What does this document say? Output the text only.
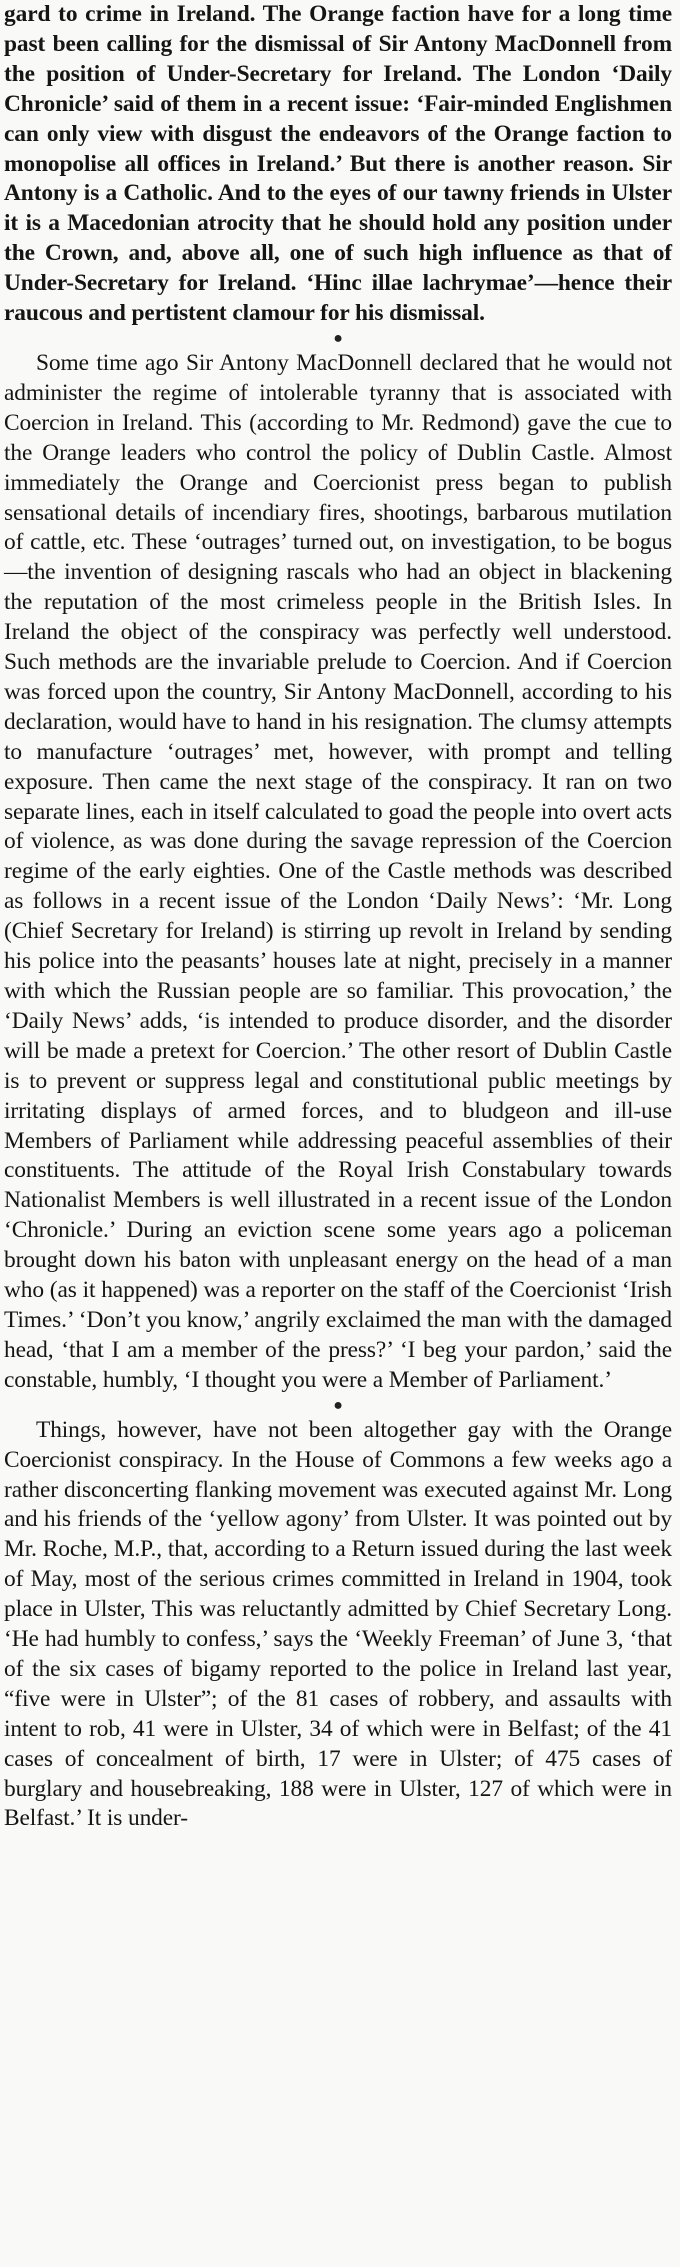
gard to crime in Ireland. The Orange faction have for a long time past been calling for the dismissal of Sir Antony MacDonnell from the position of Under-Secretary for Ireland. The London ‘Daily Chronicle’ said of them in a recent issue: ‘Fair-minded Englishmen can only view with disgust the endeavors of the Orange faction to monopolise all offices in Ireland.’ But there is another reason. Sir Antony is a Catholic. And to the eyes of our tawny friends in Ulster it is a Macedonian atrocity that he should hold any position under the Crown, and, above all, one of such high influence as that of Under-Secretary for Ireland. ‘Hinc illae lachrymae’—hence their raucous and pertistent clamour for his dismissal.

●

Some time ago Sir Antony MacDonnell declared that he would not administer the regime of intolerable tyranny that is associated with Coercion in Ireland. This (according to Mr. Redmond) gave the cue to the Orange leaders who control the policy of Dublin Castle. Almost immediately the Orange and Coercionist press began to publish sensational details of incendiary fires, shootings, barbarous mutilation of cattle, etc. These ‘outrages’ turned out, on investigation, to be bogus—the invention of designing rascals who had an object in blackening the reputation of the most crimeless people in the British Isles. In Ireland the object of the conspiracy was perfectly well understood. Such methods are the invariable prelude to Coercion. And if Coercion was forced upon the country, Sir Antony MacDonnell, according to his declaration, would have to hand in his resignation. The clumsy attempts to manufacture ‘outrages’ met, however, with prompt and telling exposure. Then came the next stage of the conspiracy. It ran on two separate lines, each in itself calculated to goad the people into overt acts of violence, as was done during the savage repression of the Coercion regime of the early eighties. One of the Castle methods was described as follows in a recent issue of the London ‘Daily News’: ‘Mr. Long (Chief Secretary for Ireland) is stirring up revolt in Ireland by sending his police into the peasants’ houses late at night, precisely in a manner with which the Russian people are so familiar. This provocation,’ the ‘Daily News’ adds, ‘is intended to produce disorder, and the disorder will be made a pretext for Coercion.’ The other resort of Dublin Castle is to prevent or suppress legal and constitutional public meetings by irritating displays of armed forces, and to bludgeon and ill-use Members of Parliament while addressing peaceful assemblies of their constituents. The attitude of the Royal Irish Constabulary towards Nationalist Members is well illustrated in a recent issue of the London ‘Chronicle.’ During an eviction scene some years ago a policeman brought down his baton with unpleasant energy on the head of a man who (as it happened) was a reporter on the staff of the Coercionist ‘Irish Times.’ ‘Don’t you know,’ angrily exclaimed the man with the damaged head, ‘that I am a member of the press?’ ‘I beg your pardon,’ said the constable, humbly, ‘I thought you were a Member of Parliament.’

●

Things, however, have not been altogether gay with the Orange Coercionist conspiracy. In the House of Commons a few weeks ago a rather disconcerting flanking movement was executed against Mr. Long and his friends of the ‘yellow agony’ from Ulster. It was pointed out by Mr. Roche, M.P., that, according to a Return issued during the last week of May, most of the serious crimes committed in Ireland in 1904, took place in Ulster, This was reluctantly admitted by Chief Secretary Long. ‘He had humbly to confess,’ says the ‘Weekly Freeman’ of June 3, ‘that of the six cases of bigamy reported to the police in Ireland last year, “five were in Ulster”; of the 81 cases of robbery, and assaults with intent to rob, 41 were in Ulster, 34 of which were in Belfast; of the 41 cases of concealment of birth, 17 were in Ulster; of 475 cases of burglary and housebreaking, 188 were in Ulster, 127 of which were in Belfast.’ It is under-
